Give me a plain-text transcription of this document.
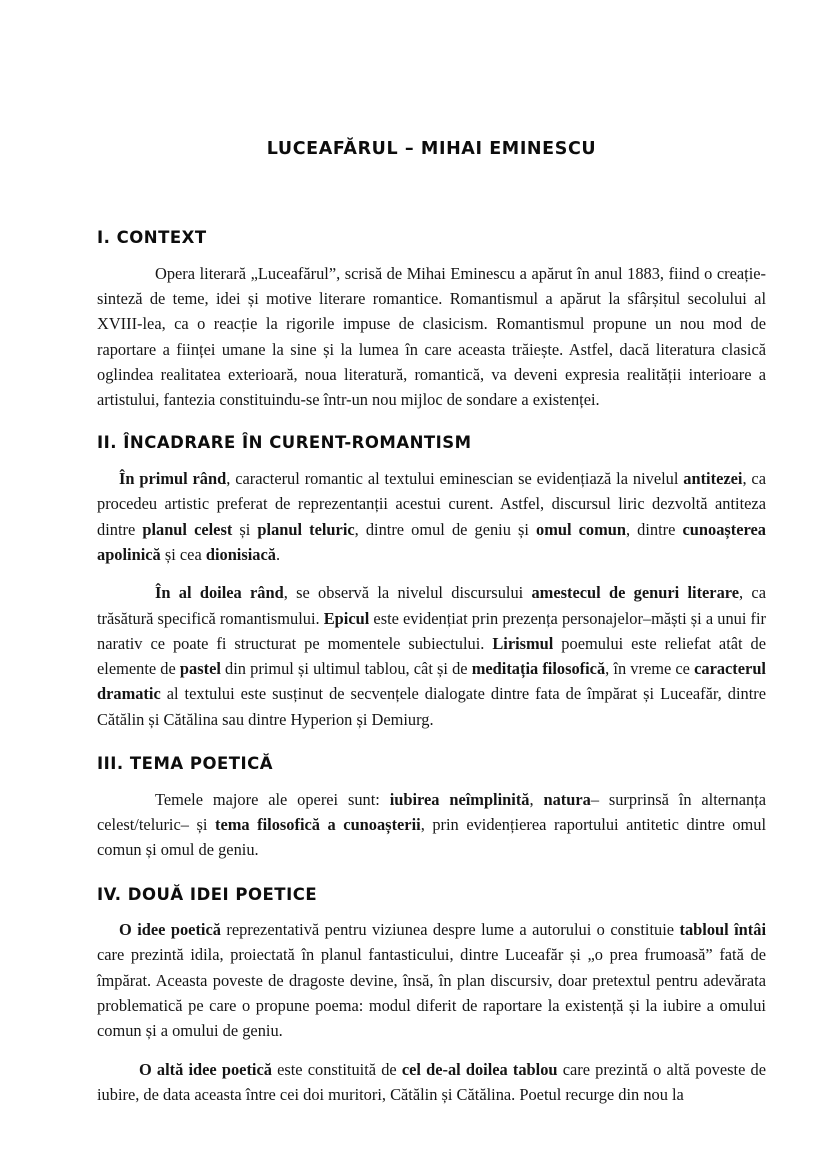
LUCEAFĂRUL – MIHAI EMINESCU
I. CONTEXT

Opera literară „Luceafărul”, scrisă de Mihai Eminescu a apărut în anul 1883, fiind o creație-sinteză de teme, idei și motive literare romantice. Romantismul a apărut la sfârșitul secolului al XVIII-lea, ca o reacție la rigorile impuse de clasicism. Romantismul propune un nou mod de raportare a ființei umane la sine și la lumea în care aceasta trăiește. Astfel, dacă literatura clasică oglindea realitatea exterioară, noua literatură, romantică, va deveni expresia realității interioare a artistului, fantezia constituindu-se într-un nou mijloc de sondare a existenței.

II. ÎNCADRARE ÎN CURENT-ROMANTISM

În primul rând, caracterul romantic al textului eminescian se evidențiază la nivelul antitezei, ca procedeu artistic preferat de reprezentanții acestui curent. Astfel, discursul liric dezvoltă antiteza dintre planul celest și planul teluric, dintre omul de geniu și omul comun, dintre cunoașterea apolinică și cea dionisiacă.

În al doilea rând, se observă la nivelul discursului amestecul de genuri literare, ca trăsătură specifică romantismului. Epicul este evidențiat prin prezența personajelor–măști și a unui fir narativ ce poate fi structurat pe momentele subiectului. Lirismul poemului este reliefat atât de elemente de pastel din primul și ultimul tablou, cât și de meditația filosofică, în vreme ce caracterul dramatic al textului este susținut de secvențele dialogate dintre fata de împărat și Luceafăr, dintre Cătălin și Cătălina sau dintre Hyperion și Demiurg.

III. TEMA POETICĂ

Temele majore ale operei sunt: iubirea neîmplinită, natura– surprinsă în alternanța celest/teluric– și tema filosofică a cunoașterii, prin evidențierea raportului antitetic dintre omul comun și omul de geniu.

IV. DOUĂ IDEI POETICE

O idee poetică reprezentativă pentru viziunea despre lume a autorului o constituie tabloul întâi care prezintă idila, proiectată în planul fantasticului, dintre Luceafăr și „o prea frumoasă” fată de împărat. Aceasta poveste de dragoste devine, însă, în plan discursiv, doar pretextul pentru adevărata problematică pe care o propune poema: modul diferit de raportare la existență și la iubire a omului comun și a omului de geniu.

O altă idee poetică este constituită de cel de-al doilea tablou care prezintă o altă poveste de iubire, de data aceasta între cei doi muritori, Cătălin și Cătălina. Poetul recurge din nou la
